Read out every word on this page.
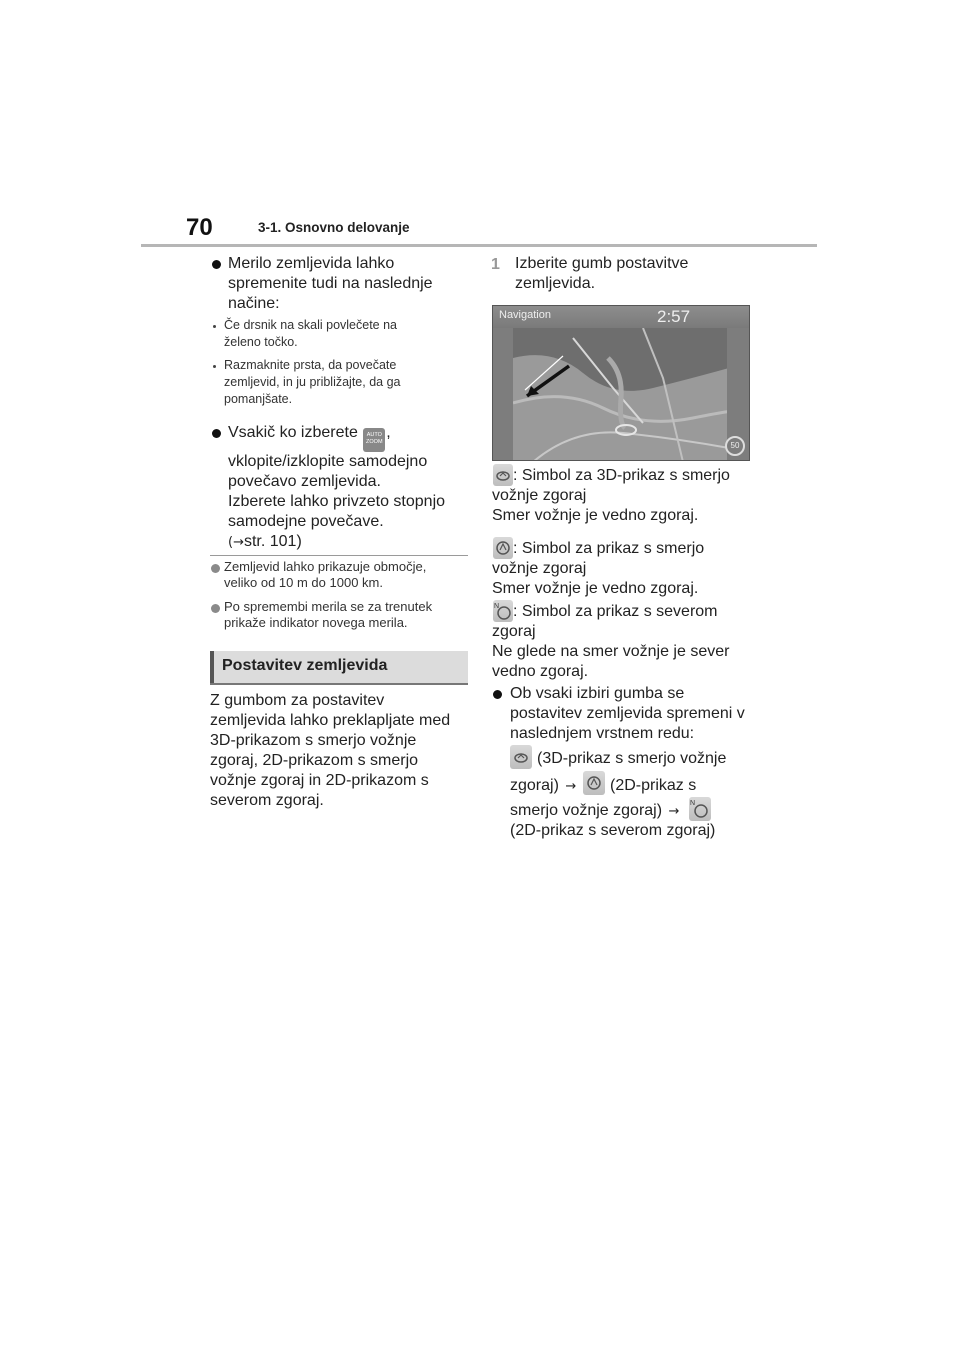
70	3-1. Osnovno delovanje
Merilo zemljevida lahko
spremenite tudi na naslednje
načine:
Če drsnik na skali povlečete na
želeno točko.
Razmaknite prsta, da povečate
zemljevid, in ju približajte, da ga
pomanjšate.
Vsakič ko izberete AUTO
ZOOM,
vklopite/izklopite samodejno
povečavo zemljevida.
Izberete lahko privzeto stopnjo
samodejne povečave.
(→str. 101)
Zemljevid lahko prikazuje območje,
veliko od 10 m do 1000 km.
Po spremembi merila se za trenutek
prikaže indikator novega merila.
Postavitev zemljevida
Z gumbom za postavitev
zemljevida lahko preklapljate med
3D-prikazom s smerjo vožnje
zgoraj, 2D-prikazom s smerjo
vožnje zgoraj in 2D-prikazom s
severom zgoraj.
1 Izberite gumb postavitve
zemljevida.
Navigation	2:57
50
: Simbol za 3D-prikaz s smerjo
vožnje zgoraj
Smer vožnje je vedno zgoraj.
: Simbol za prikaz s smerjo
vožnje zgoraj
Smer vožnje je vedno zgoraj.
N : Simbol za prikaz s severom
zgoraj
Ne glede na smer vožnje je sever
vedno zgoraj.
Ob vsaki izbiri gumba se
postavitev zemljevida spremeni v
naslednjem vrstnem redu:
(3D-prikaz s smerjo vožnje
zgoraj) → (2D-prikaz s
smerjo vožnje zgoraj) →
N
(2D-prikaz s severom zgoraj)
